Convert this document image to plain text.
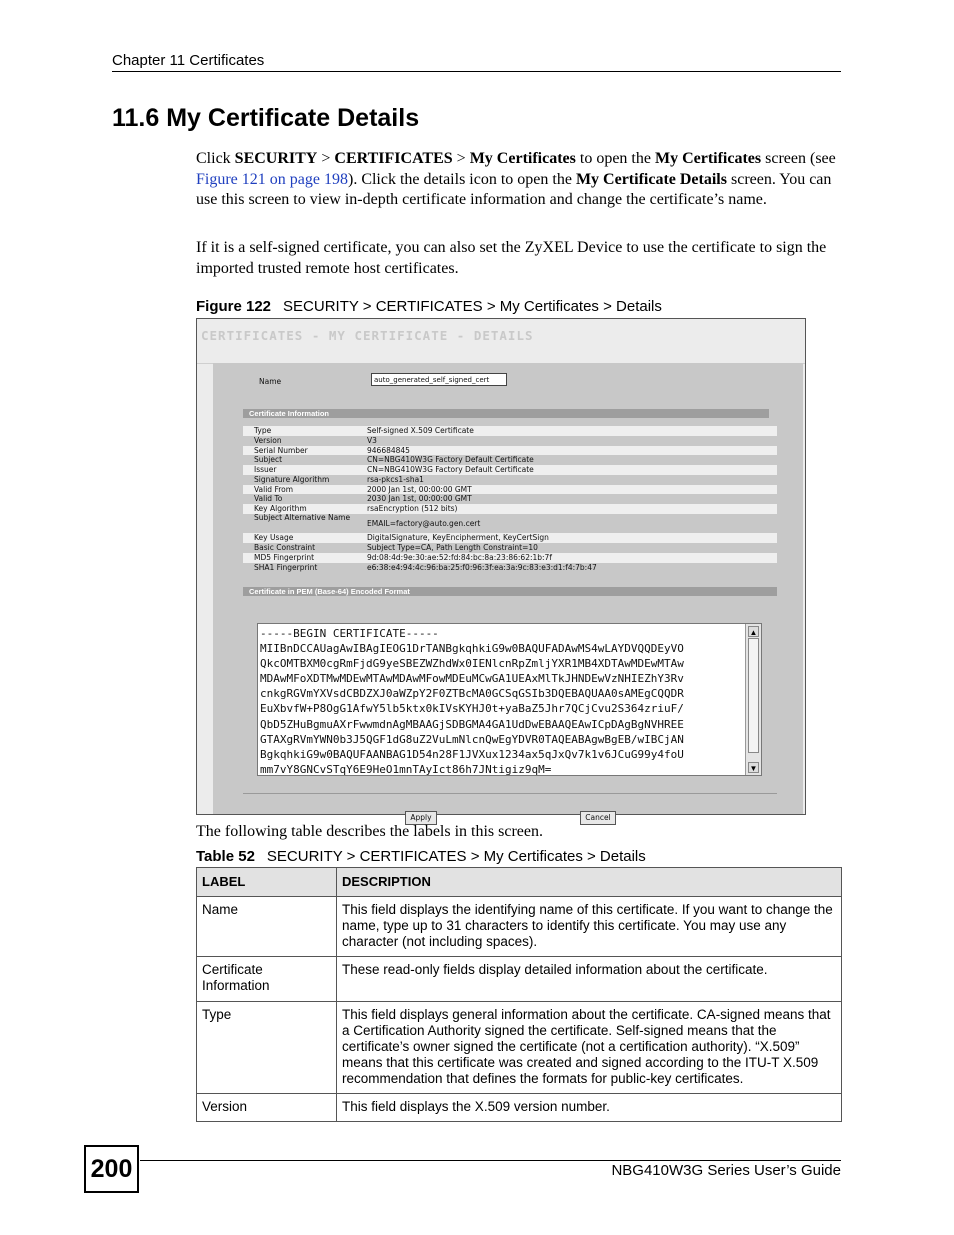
Chapter 11 Certificates
11.6 My Certificate Details
Click SECURITY > CERTIFICATES > My Certificates to open the My Certificates screen (see Figure 121 on page 198). Click the details icon to open the My Certificate Details screen. You can use this screen to view in-depth certificate information and change the certificate’s name.
If it is a self-signed certificate, you can also set the ZyXEL Device to use the certificate to sign the imported trusted remote host certificates.
Figure 122 SECURITY > CERTIFICATES > My Certificates > Details
CERTIFICATES - MY CERTIFICATE - DETAILS
Name	auto_generated_self_signed_cert
Certificate Information
Type	Self-signed X.509 Certificate
Version	V3
Serial Number	946684845
Subject	CN=NBG410W3G Factory Default Certificate
Issuer	CN=NBG410W3G Factory Default Certificate
Signature Algorithm	rsa-pkcs1-sha1
Valid From	2000 Jan 1st, 00:00:00 GMT
Valid To	2030 Jan 1st, 00:00:00 GMT
Key Algorithm	rsaEncryption (512 bits)
Subject Alternative Name
EMAIL=factory@auto.gen.cert
Key Usage	DigitalSignature, KeyEncipherment, KeyCertSign
Basic Constraint	Subject Type=CA, Path Length Constraint=10
MD5 Fingerprint	9d:08:4d:9e:30:ae:52:fd:84:bc:8a:23:86:62:1b:7f
SHA1 Fingerprint	e6:38:e4:94:4c:96:ba:25:f0:96:3f:ea:3a:9c:83:e3:d1:f4:7b:47
Certificate in PEM (Base-64) Encoded Format
-----BEGIN CERTIFICATE-----
MIIBnDCCAUagAwIBAgIEOG1DrTANBgkqhkiG9w0BAQUFADAwMS4wLAYDVQQDEyVO
QkcOMTBXM0cgRmFjdG9yeSBEZWZhdWx0IENlcnRpZmljYXR1MB4XDTAwMDEwMTAw
MDAwMFoXDTMwMDEwMTAwMDAwMFowMDEuMCwGA1UEAxMlTkJHNDEwVzNHIEZhY3Rv
cnkgRGVmYXVsdCBDZXJ0aWZpY2F0ZTBcMA0GCSqGSIb3DQEBAQUAA0sAMEgCQQDR
EuXbvfW+P8OgG1AfwY5lb5ktx0kIVsKYHJ0t+yaBaZ5Jhr7QCjCvu2S364zriuF/
QbD5ZHuBgmuAXrFwwmdnAgMBAAGjSDBGMA4GA1UdDwEBAAQEAwICpDAgBgNVHREE
GTAXgRVmYWN0b3J5QGF1dG8uZ2VuLmNlcnQwEgYDVR0TAQEABAgwBgEB/wIBCjAN
BgkqhkiG9w0BAQUFAANBAG1D54n28F1JVXux1234ax5qJxQv7k1v6JCuG99y4foU
mm7vY8GNCvSTqY6E9HeO1mnTAyIct86h7JNtigiz9qM=
▲
▼
Apply	Cancel
The following table describes the labels in this screen.
Table 52 SECURITY > CERTIFICATES > My Certificates > Details
LABEL	DESCRIPTION
Name	This field displays the identifying name of this certificate. If you want to change the name, type up to 31 characters to identify this certificate. You may use any character (not including spaces).
Certificate Information	These read-only fields display detailed information about the certificate.
Type	This field displays general information about the certificate. CA-signed means that a Certification Authority signed the certificate. Self-signed means that the certificate’s owner signed the certificate (not a certification authority). “X.509” means that this certificate was created and signed according to the ITU-T X.509 recommendation that defines the formats for public-key certificates.
Version	This field displays the X.509 version number.
200	NBG410W3G Series User’s Guide
